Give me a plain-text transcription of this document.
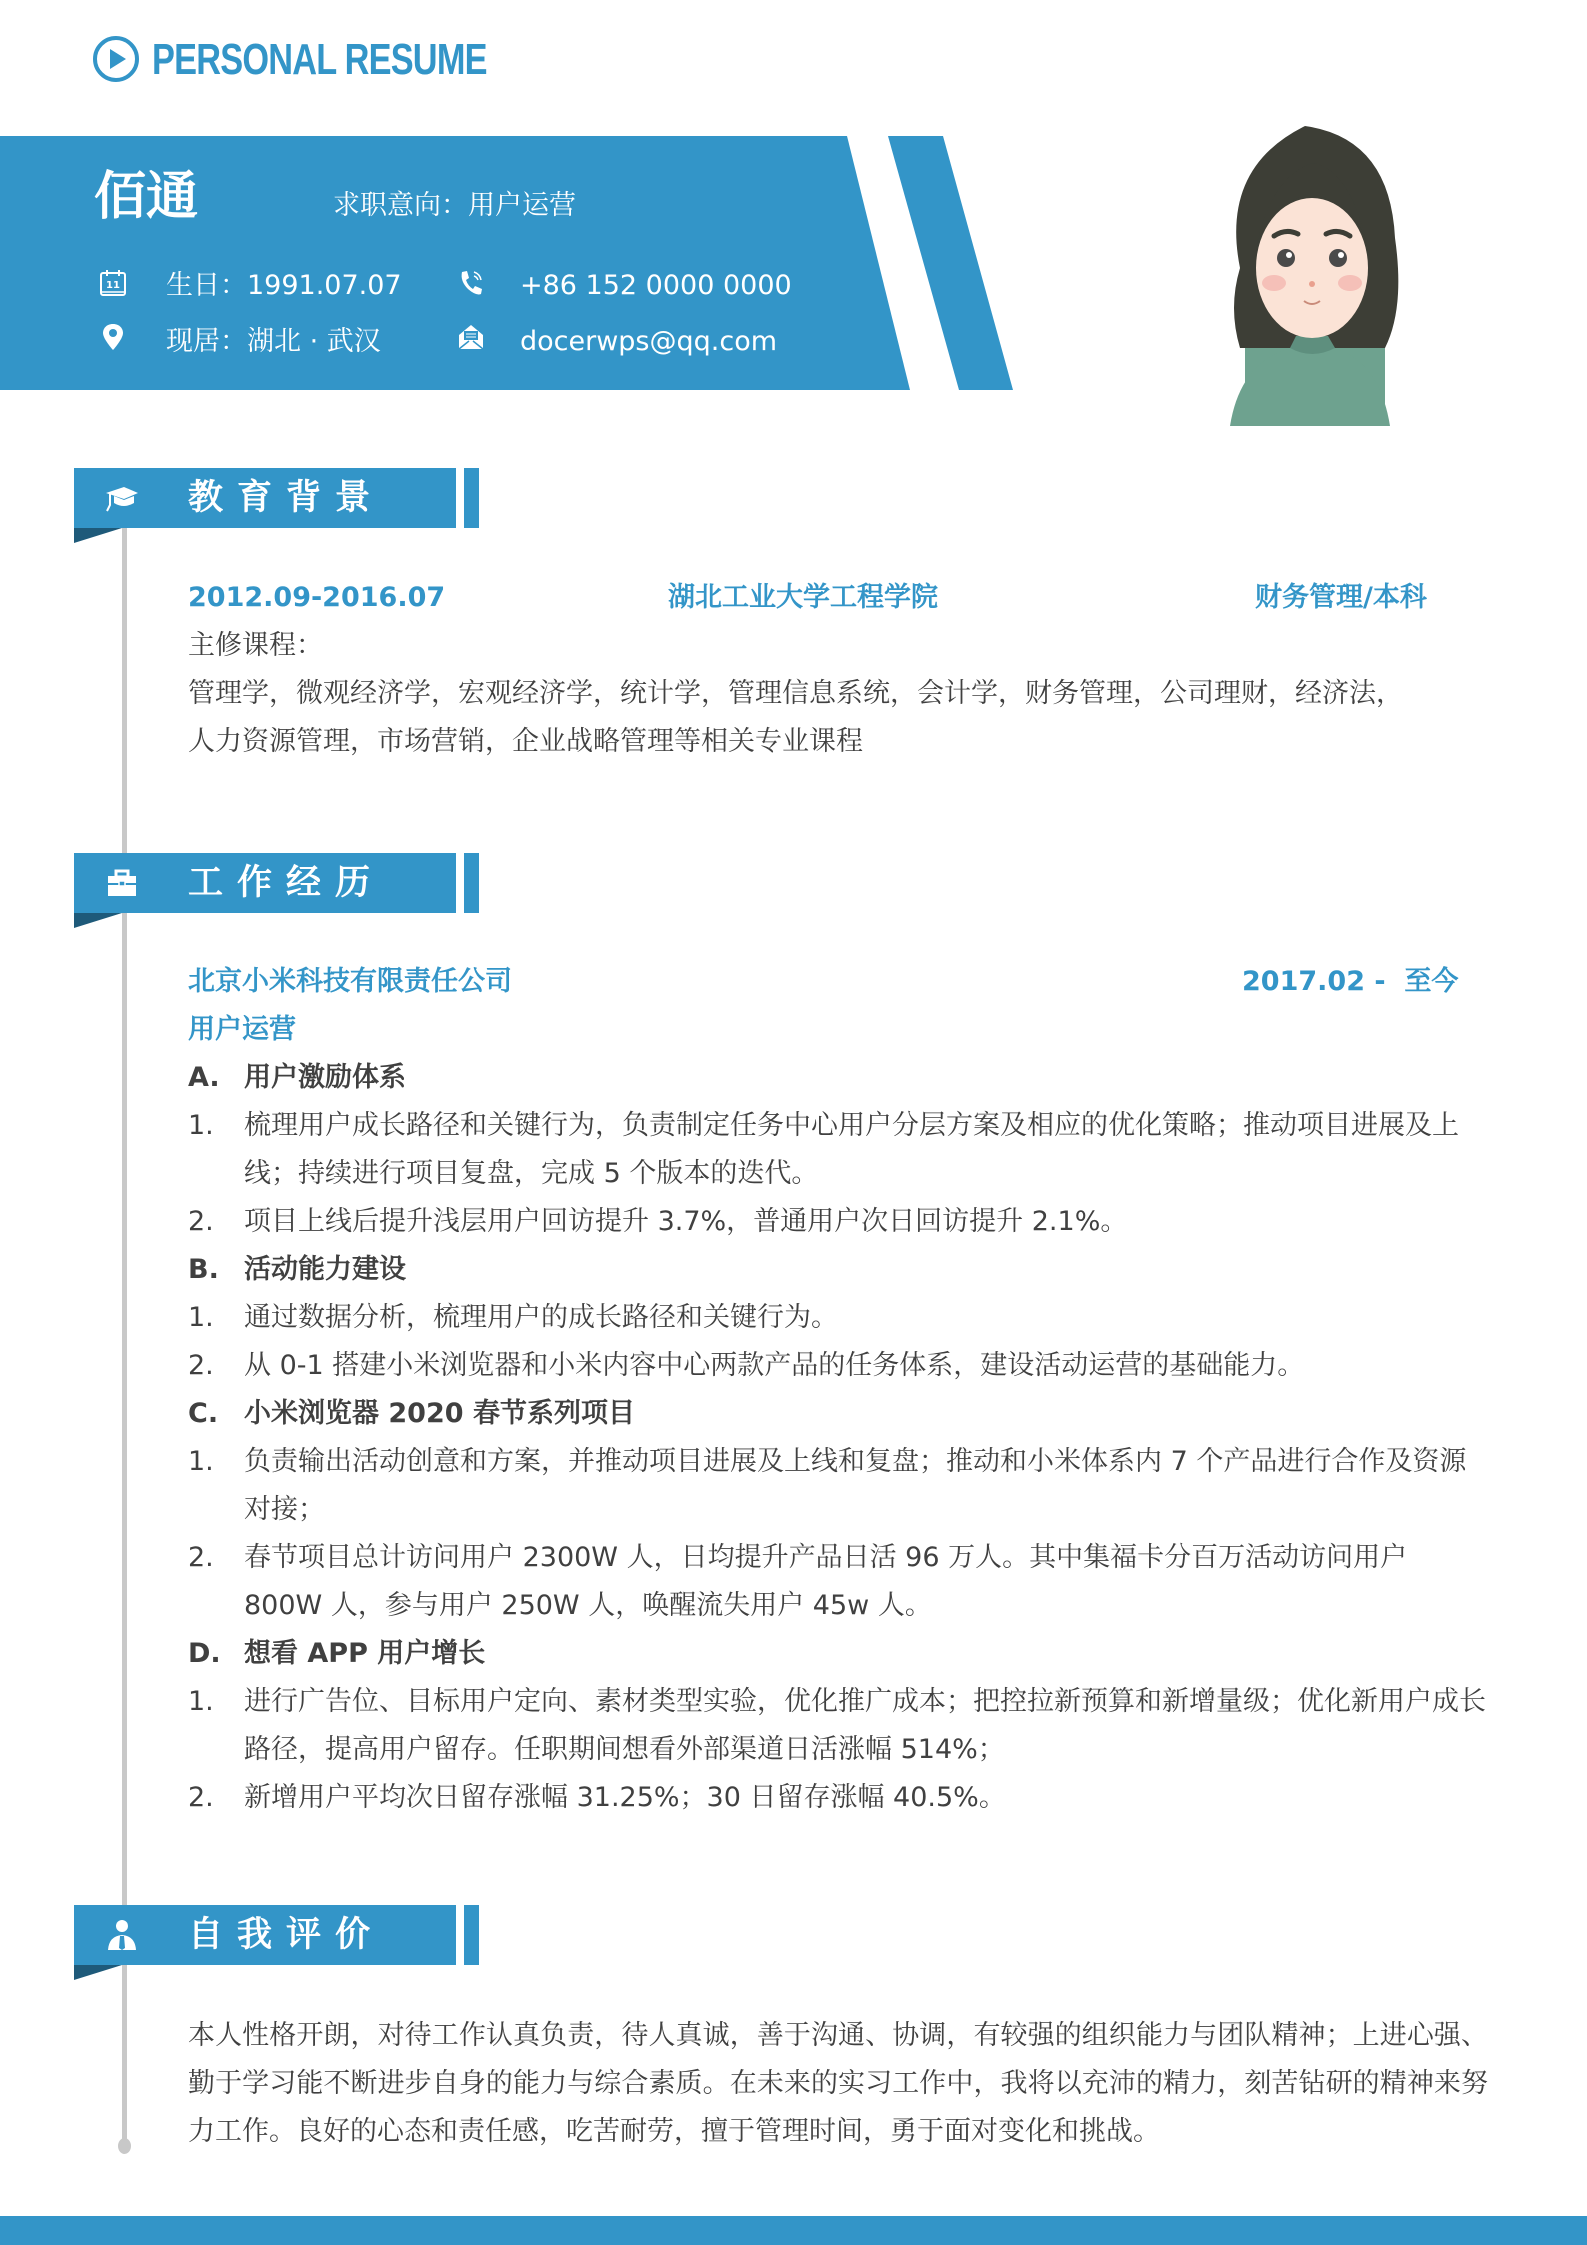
PERSONAL RESUME
佰通	求职意向：用户运营
11 生日：1991.07.07	+86 152 0000 0000
现居：湖北 · 武汉	docerwps@qq.com
教育背景
2012.09-2016.07	湖北工业大学工程学院	财务管理/本科
主修课程：
管理学，微观经济学，宏观经济学，统计学，管理信息系统，会计学，财务管理，公司理财，经济法，
人力资源管理，市场营销，企业战略管理等相关专业课程
工作经历
北京小米科技有限责任公司	2017.02 -  至今
用户运营
A. 用户激励体系
1. 梳理用户成长路径和关键行为，负责制定任务中心用户分层方案及相应的优化策略；推动项目进展及上线；持续进行项目复盘，完成 5 个版本的迭代。
2. 项目上线后提升浅层用户回访提升 3.7%，普通用户次日回访提升 2.1%。
B. 活动能力建设
1. 通过数据分析，梳理用户的成长路径和关键行为。
2. 从 0-1 搭建小米浏览器和小米内容中心两款产品的任务体系，建设活动运营的基础能力。
C. 小米浏览器 2020 春节系列项目
1. 负责输出活动创意和方案，并推动项目进展及上线和复盘；推动和小米体系内 7 个产品进行合作及资源对接；
2. 春节项目总计访问用户 2300W 人，日均提升产品日活 96 万人。其中集福卡分百万活动访问用户 800W 人，参与用户 250W 人，唤醒流失用户 45w 人。
D. 想看 APP 用户增长
1. 进行广告位、目标用户定向、素材类型实验，优化推广成本；把控拉新预算和新增量级；优化新用户成长路径，提高用户留存。任职期间想看外部渠道日活涨幅 514%；
2. 新增用户平均次日留存涨幅 31.25%；30 日留存涨幅 40.5%。
自我评价
本人性格开朗，对待工作认真负责，待人真诚，善于沟通、协调，有较强的组织能力与团队精神；上进心强、勤于学习能不断进步自身的能力与综合素质。在未来的实习工作中，我将以充沛的精力，刻苦钻研的精神来努力工作。良好的心态和责任感，吃苦耐劳，擅于管理时间，勇于面对变化和挑战。
